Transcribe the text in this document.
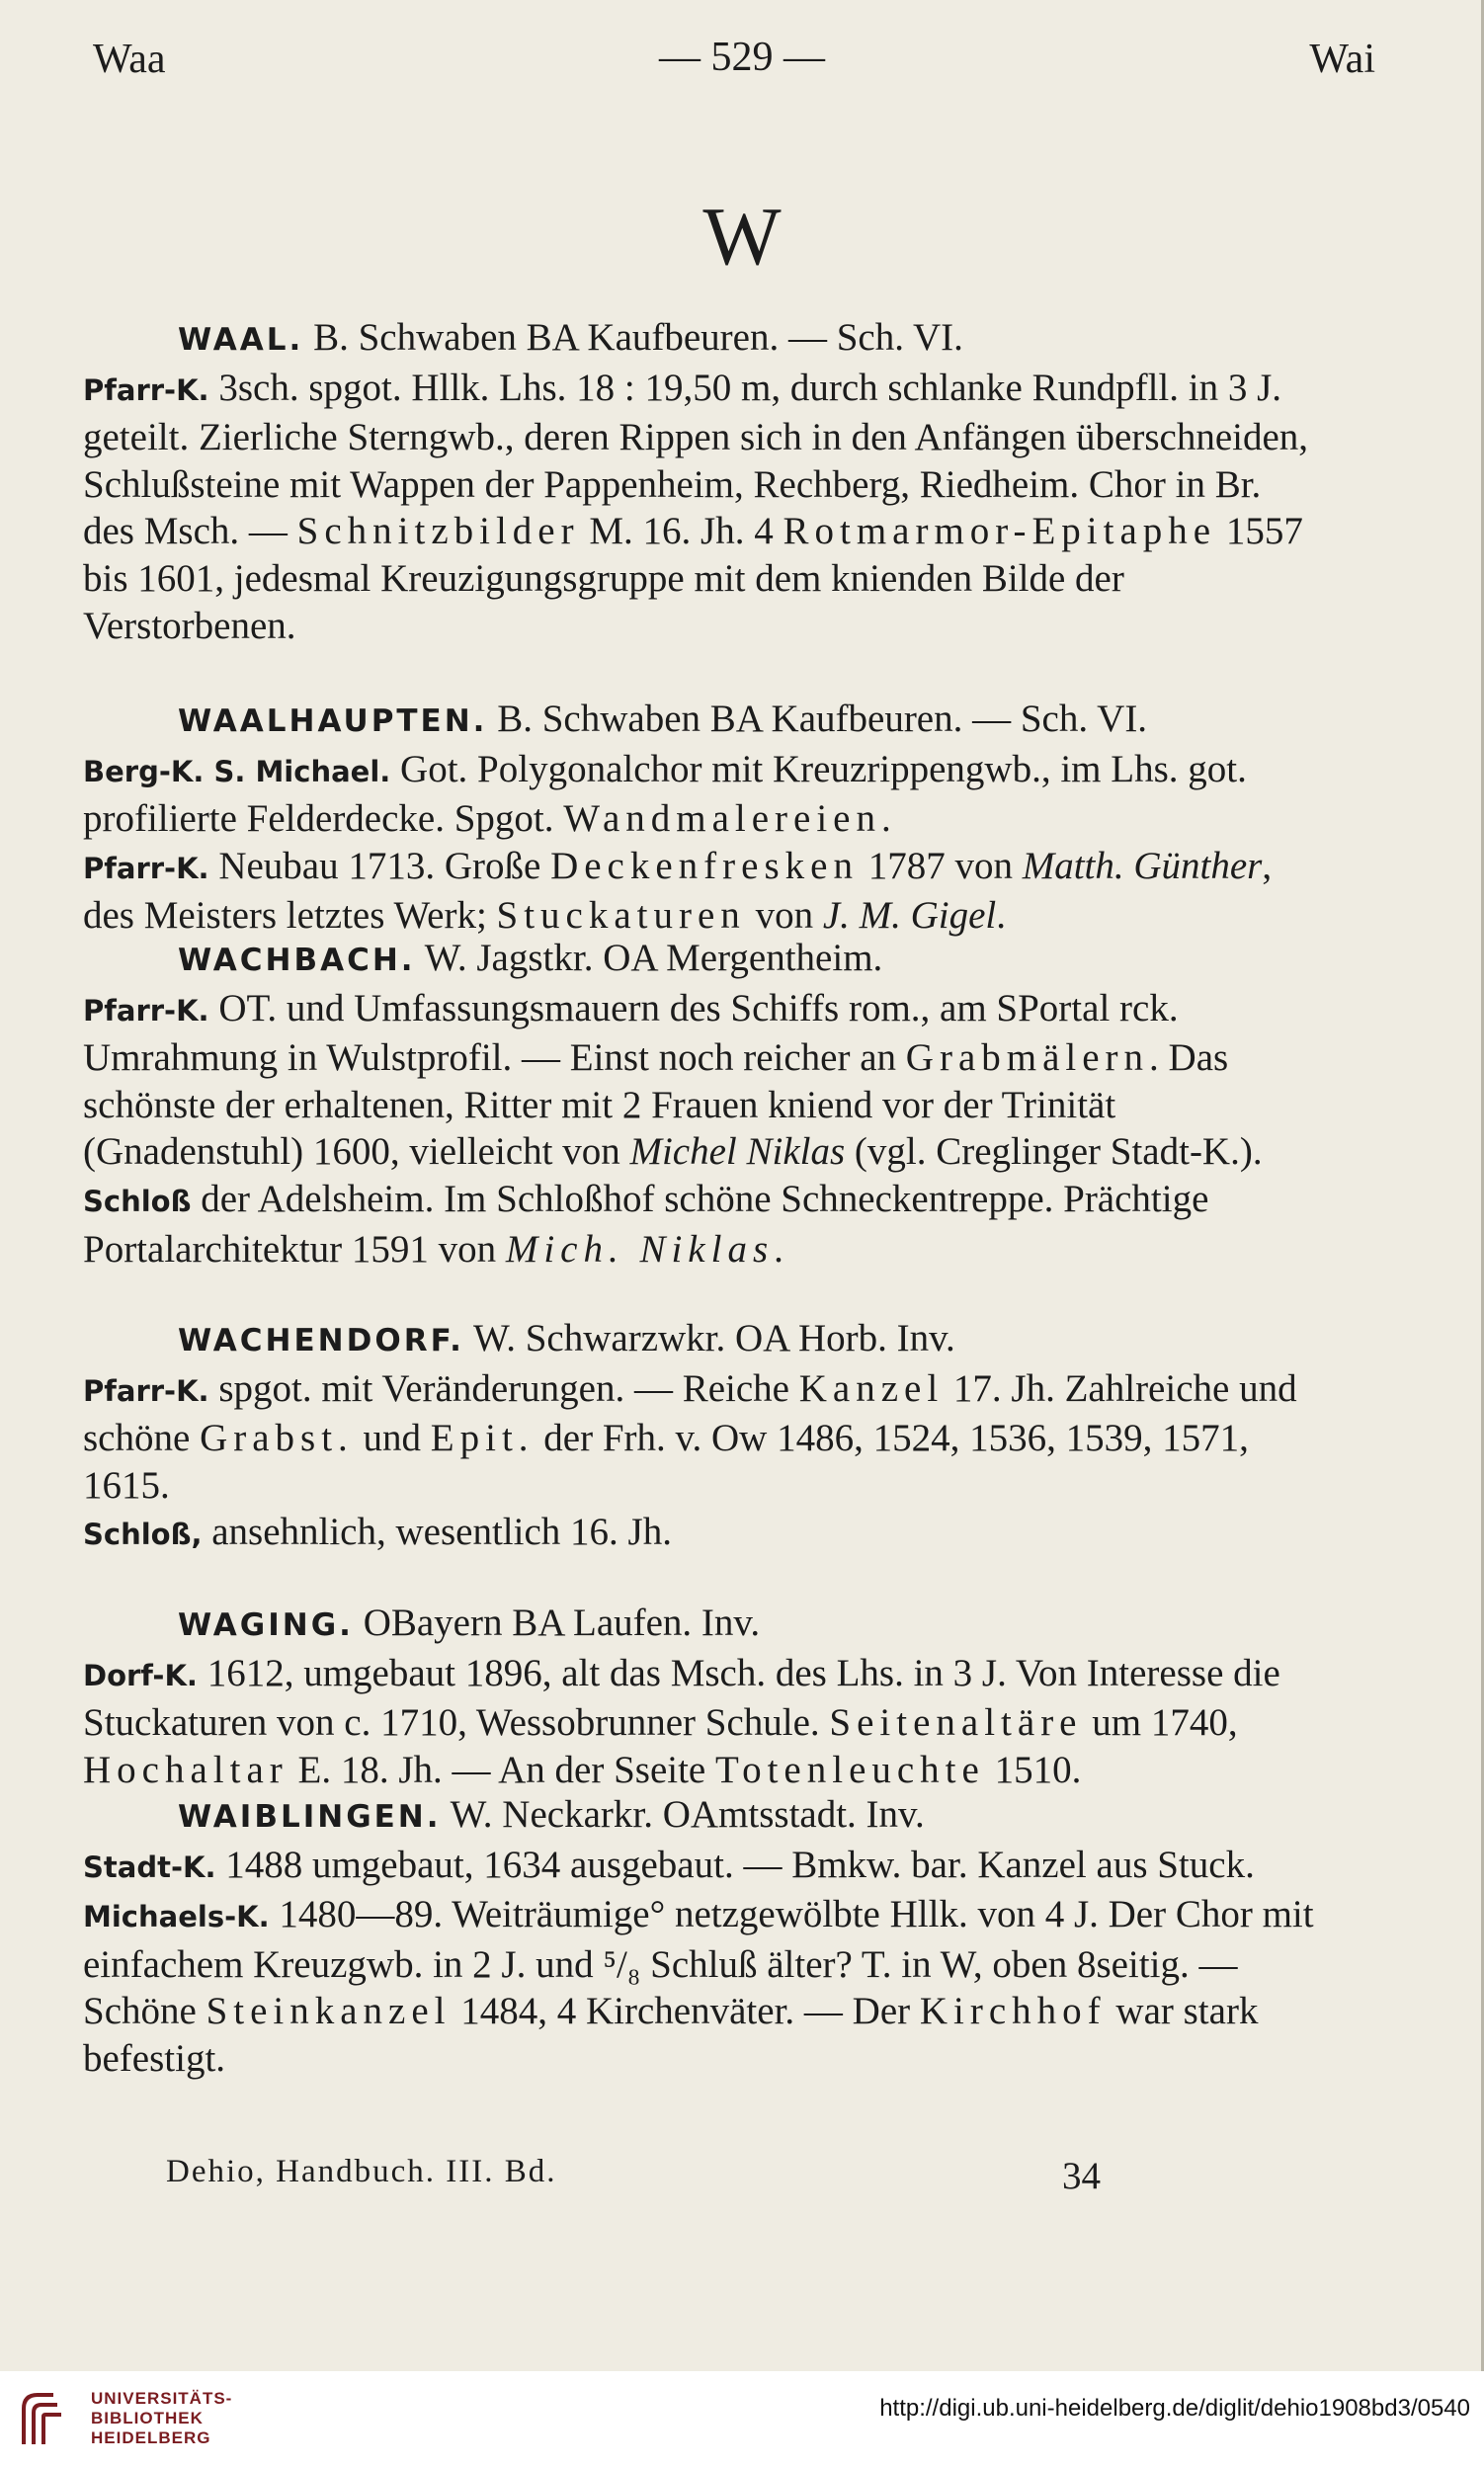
Waa	— 529 —	Wai
W

WAAL. B. Schwaben BA Kaufbeuren. — Sch. VI.

Pfarr-K. 3sch. spgot. Hllk. Lhs. 18 : 19,50 m, durch schlanke Rundpfll. in 3 J. geteilt. Zierliche Sterngwb., deren Rippen sich in den Anfängen überschneiden, Schlußsteine mit Wappen der Pappenheim, Rechberg, Riedheim. Chor in Br. des Msch. — Schnitzbilder M. 16. Jh. 4 Rotmarmor-Epitaphe 1557 bis 1601, jedesmal Kreuzigungsgruppe mit dem knienden Bilde der Verstorbenen.

WAALHAUPTEN. B. Schwaben BA Kaufbeuren. — Sch. VI.

Berg-K. S. Michael. Got. Polygonalchor mit Kreuzrippengwb., im Lhs. got. profilierte Felderdecke. Spgot. Wandmalereien.

Pfarr-K. Neubau 1713. Große Deckenfresken 1787 von Matth. Günther, des Meisters letztes Werk; Stuckaturen von J. M. Gigel.

WACHBACH. W. Jagstkr. OA Mergentheim.

Pfarr-K. OT. und Umfassungsmauern des Schiffs rom., am SPortal rck. Umrahmung in Wulstprofil. — Einst noch reicher an Grabmälern. Das schönste der erhaltenen, Ritter mit 2 Frauen kniend vor der Trinität (Gnadenstuhl) 1600, vielleicht von Michel Niklas (vgl. Creglinger Stadt-K.).

Schloß der Adelsheim. Im Schloßhof schöne Schneckentreppe. Prächtige Portalarchitektur 1591 von Mich. Niklas.

WACHENDORF. W. Schwarzwkr. OA Horb. Inv.

Pfarr-K. spgot. mit Veränderungen. — Reiche Kanzel 17. Jh. Zahlreiche und schöne Grabst. und Epit. der Frh. v. Ow 1486, 1524, 1536, 1539, 1571, 1615.

Schloß, ansehnlich, wesentlich 16. Jh.

WAGING. OBayern BA Laufen. Inv.

Dorf-K. 1612, umgebaut 1896, alt das Msch. des Lhs. in 3 J. Von Interesse die Stuckaturen von c. 1710, Wessobrunner Schule. Seitenaltäre um 1740, Hochaltar E. 18. Jh. — An der Sseite Totenleuchte 1510.

WAIBLINGEN. W. Neckarkr. OAmtsstadt. Inv.

Stadt-K. 1488 umgebaut, 1634 ausgebaut. — Bmkw. bar. Kanzel aus Stuck.

Michaels-K. 1480—89. Weiträumige° netzgewölbte Hllk. von 4 J. Der Chor mit einfachem Kreuzgwb. in 2 J. und ⁵/₈ Schluß älter? T. in W, oben 8seitig. — Schöne Steinkanzel 1484, 4 Kirchenväter. — Der Kirchhof war stark befestigt.

Dehio, Handbuch. III. Bd.	34
UNIVERSITÄTS-
BIBLIOTHEK
HEIDELBERG
http://digi.ub.uni-heidelberg.de/diglit/dehio1908bd3/0540
